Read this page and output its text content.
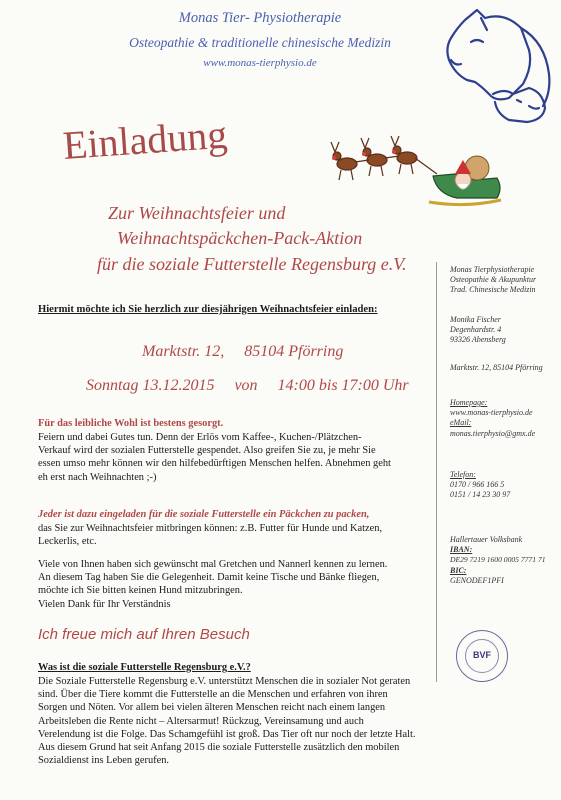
Monas Tier- Physiotherapie
Osteopathie & traditionelle chinesische Medizin
www.monas-tierphysio.de
Einladung
Zur Weihnachtsfeier und
Weihnachtspäckchen-Pack-Aktion
für die soziale Futterstelle Regensburg e.V.
Hiermit möchte ich Sie herzlich zur diesjährigen Weihnachtsfeier einladen:
Marktstr. 12,     85104 Pförring
Sonntag 13.12.2015     von     14:00 bis 17:00 Uhr
Für das leibliche Wohl ist bestens gesorgt.
Feiern und dabei Gutes tun. Denn der Erlös vom Kaffee-, Kuchen-/Plätzchen-
Verkauf wird der sozialen Futterstelle gespendet. Also greifen Sie zu, je mehr Sie
essen umso mehr können wir den hilfebedürftigen Menschen helfen. Abnehmen geht
eh erst nach Weihnachten ;-)
Jeder ist dazu eingeladen für die soziale Futterstelle ein Päckchen zu packen,
das Sie zur Weihnachtsfeier mitbringen können: z.B. Futter für Hunde und Katzen,
Leckerlis, etc.
Viele von Ihnen haben sich gewünscht mal Gretchen und Nannerl kennen zu lernen.
An diesem Tag haben Sie die Gelegenheit. Damit keine Tische und Bänke fliegen,
möchte ich Sie bitten keinen Hund mitzubringen.
Vielen Dank für Ihr Verständnis
Ich freue mich auf Ihren Besuch
Was ist die soziale Futterstelle Regensburg e.V.?
Die Soziale Futterstelle Regensburg e.V. unterstützt Menschen die in sozialer Not geraten
sind. Über die Tiere kommt die Futterstelle an die Menschen und erfahren von ihren
Sorgen und Nöten. Vor allem bei vielen älteren Menschen reicht nach einem langen
Arbeitsleben die Rente nicht – Altersarmut! Rückzug, Vereinsamung und auch
Verelendung ist die Folge. Das Schamgefühl ist groß. Das Tier oft nur noch der letzte Halt.
Aus diesem Grund hat seit Anfang 2015 die soziale Futterstelle zusätzlich den mobilen
Sozialdienst ins Leben gerufen.
Monas Tierphysiotherapie
Osteopathie & Akupunktur
Trad. Chinesische Medizin
Monika Fischer
Degenhardstr. 4
93326 Abensberg
Marktstr. 12, 85104 Pförring
Homepage:
www.monas-tierphysio.de
eMail:
monas.tierphysio@gmx.de
Telefon:
0170 / 966 166 5
0151 / 14 23 30 97
Hallertauer Volksbank
IBAN:
DE29 7219 1600 0005 7771 71
BIC:
GENODEF1PFI
BVF
